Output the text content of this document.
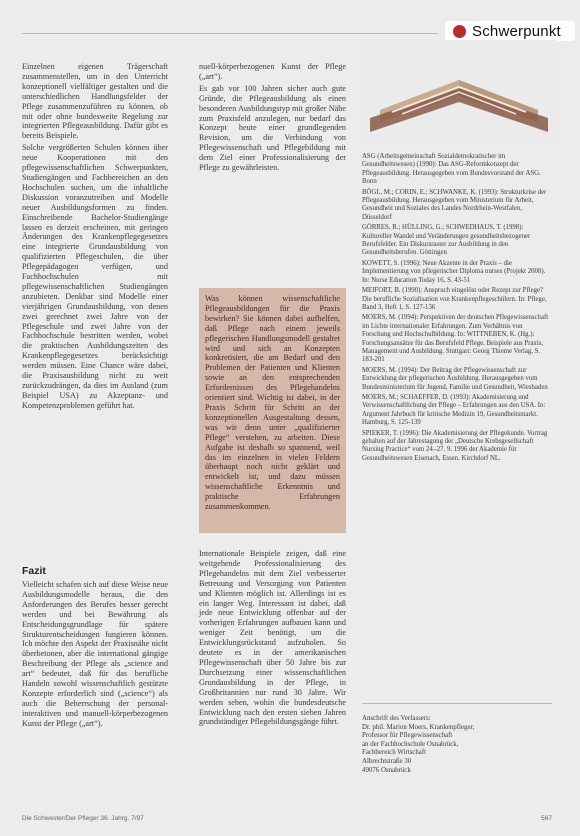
Schwerpunkt

Einzelnen eigenen Trägerschaft zusammenstellen, um in den Unterricht konzeptionell vielfältiger gestalten und die unterschiedlichen Handlungsfelder der Pflege zusammenzuführen zu können, ob mit oder ohne bundesweite Regelung zur integrierten Pflegeausbildung. Dafür gibt es bereits Beispiele.

Solche vergrößerten Schulen können über neue Kooperationen mit den pflegewissenschaftlichen Schwerpunkten, Studiengängen und Fachbereichen an den Hochschulen suchen, um die inhaltliche Diskussion voranzutreiben und Modelle neuer Ausbildungsformen zu finden. Einschreibende Bachelor-Studiengänge lassen es derzeit erscheinen, mit geringen Änderungen des Krankenpflegegesetzes eine integrierte Grundausbildung von qualifizierten Pflegeschulen, die über Pflegepädagogen verfügen, und Fachhochschulen mit pflegewissenschaftlichen Studiengängen anzubieten. Denkbar sind Modelle einer vierjährigen Grundausbildung, von denen zwei gerechnet zwei Jahre von der Pflegeschule und zwei Jahre von der Fachhochschule bestritten werden, wobei die praktischen Ausbildungszeiten des Krankenpflegegesetzes berücksichtigt werden müssen. Eine Chance wäre dabei, die Praxisausbildung nicht zu weit zurückzudrängen, da dies im Ausland (zum Beispiel USA) zu Akzeptanz- und Kompetenzproblemen geführt hat.

Fazit

Vielleicht schafen sich auf diese Weise neue Ausbildungsmodelle heraus, die den Anforderungen des Berufes besser gerecht werden und bei Bewährung als Entscheidungsgrundlage für spätere Strukturentscheidungen fungieren können. Ich möchte den Aspekt der Praxisnähe nicht überbetonen, aber die international gängige Beschreibung der Pflege als „science and art“ bedeutet, daß für das berufliche Handeln sowohl wissenschaftlich gestützte Konzepte erforderlich sind („science“) als auch die Beherrschung der personal-interaktiven und manuell-körperbezogenen Kunst der Pflege („art“).

nuell-körperbezogenen Kunst der Pflege („art“).

Es gab vor 100 Jahren sicher auch gute Gründe, die Pflegeausbildung als einen besonderen Ausbildungstyp mit großer Nähe zum Praxisfeld anzulegen, nur bedarf das Konzept heute einer grundlegenden Revision, um die Verbindung von Pflegewissenschaft und Pflegebildung mit dem Ziel einer Professionalisierung der Pflege zu gewährleisten.

Was können wissenschaftliche Pflegeausbildungen für die Praxis bewirken? Sie können dabei aufhelfen, daß Pflege nach einem jeweils pflegerischen Handlungsmodell gestaltet wird und sich an Konzepten konkretisiert, die am Bedarf und den Problemen der Patienten und Klienten sowie an den entsprechenden Erfordernissen des Pflegehandelns orientiert sind. Wichtig ist dabei, in der Praxis Schritt für Schritt an der konzeptionellen Ausgestaltung dessen, was wir denn unter „qualifizierter Pflege“ verstehen, zu arbeiten. Diese Aufgabe ist deshalb so spannend, weil das im einzelnen in vielen Feldern überhaupt noch nicht geklärt und entwickelt ist, und dazu müssen wissenschaftliche Erkenntnis und praktische Erfahrungen zusammenkommen.

Internationale Beispiele zeigen, daß eine weitgehende Professionalisierung des Pflegehandelns mit dem Ziel verbesserter Betreuung und Versorgung von Patienten und Klienten möglich ist. Allerdings ist es ein langer Weg. Interessant ist dabei, daß jede neue Entwicklung offenbar auf der vorherigen Erfahrungen aufbauen kann und weniger Zeit benötigt, um die Entwicklungsrückstand aufzuholen. So deutete es in der amerikanischen Pflegewissenschaft über 50 Jahre bis zur Durchsetzung einer wissenschaftlichen Grundausbildung in der Pflege, in Großbritannien nur rund 30 Jahre. Wir werden sehen, wohin die bundesdeutsche Entwicklung nach den ersten sieben Jahren grundständiger Pflegebildungsgänge führt.

ASG (Arbeitsgemeinschaft Sozialdemokratischer im Gesundheitswesen) (1990): Das ASG-Reformkonzept der Pflegeausbildung. Herausgegeben vom Bundesvorstand der ASG. Bonn

BÖGL, M.; CORIN, E.; SCHWANKE, K. (1993): Strukturkrise der Pflegeausbildung. Herausgegeben vom Ministerium für Arbeit, Gesundheit und Soziales des Landes Nordrhein-Westfalen, Düsseldorf

GÖRRES, R.; HÜLLING, G.; SCHWEDHAUS, T. (1998): Kultureller Wandel und Veränderungen gesundheitsbezogener Berufsfelder. Ein Diskursraster zur Ausbildung in den Gesundheitsberufen. Göttingen

KOWETT, S. (1996): Neue Akzente in der Praxis – die Implementierung von pflegerischer Diploma nurses (Projekt 2000). In: Nurse Education Today 16, S. 43-51

MEIFORT, B. (1990): Anspruch eingelöst oder Rezept zur Pflege? Die berufliche Sozialisation von Krankenpflegeschülern. In: Pflege, Band 3, Heft 1, S. 127-136

MOERS, M. (1994): Perspektiven der deutschen Pflegewissenschaft im Lichte internationaler Erfahrungen. Zum Verhältnis von Forschung und Hochschulbildung. In: WITTNEBEN, K. (Hg.): Forschungsansätze für das Berufsfeld Pflege. Beispiele aus Praxis, Management und Ausbildung. Stuttgart: Georg Thieme Verlag, S. 183-201

MOERS, M. (1994): Der Beitrag der Pflegewissenschaft zur Entwicklung der pflegerischen Ausbildung. Herausgegeben vom Bundesministerium für Jugend, Familie und Gesundheit, Wiesbaden

MOERS, M.; SCHAEFFER, D. (1993): Akademisierung und Verwissenschaftlichung der Pflege – Erfahrungen aus den USA. In: Argument Jahrbuch für kritische Medizin 19, Gesundheitsmarkt. Hamburg, S. 125-139

SPIEKER, T. (1996): Die Akademisierung der Pflegekunde. Vortrag gehalten auf der Jahrestagung der „Deutsche Krebsgesellschaft Nursing Practice“ vom 24.-27. 9. 1996 der Akademie für Gesundheitswesen Eisenach, Essen. Kirchdorf NL.

Anschrift des Verfassers:
Dr. phil. Marion Moers, Krankenpfleger,
Professor für Pflegewissenschaft
an der Fachhochschule Osnabrück,
Fachbereich Wirtschaft
Albrechtstraße 30
49076 Osnabrück
Die Schwester/Der Pfleger 36. Jahrg. 7/97	567
